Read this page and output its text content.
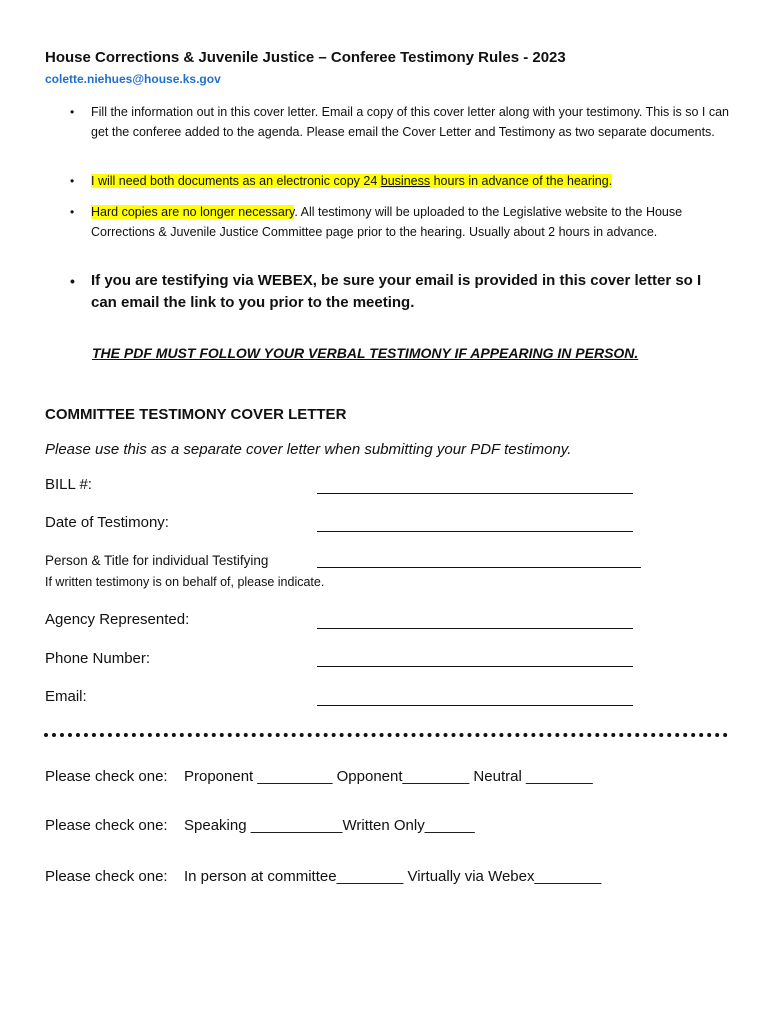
House Corrections & Juvenile Justice – Conferee Testimony Rules - 2023
colette.niehues@house.ks.gov
• Fill the information out in this cover letter. Email a copy of this cover letter along with your testimony. This is so I can get the conferee added to the agenda. Please email the Cover Letter and Testimony as two separate documents.
• I will need both documents as an electronic copy 24 business hours in advance of the hearing.
• Hard copies are no longer necessary. All testimony will be uploaded to the Legislative website to the House Corrections & Juvenile Justice Committee page prior to the hearing. Usually about 2 hours in advance.
• If you are testifying via WEBEX, be sure your email is provided in this cover letter so I can email the link to you prior to the meeting.
THE PDF MUST FOLLOW YOUR VERBAL TESTIMONY IF APPEARING IN PERSON.
COMMITTEE TESTIMONY COVER LETTER
Please use this as a separate cover letter when submitting your PDF testimony.
BILL #:
Date of Testimony:
Person & Title for individual Testifying
If written testimony is on behalf of, please indicate.
Agency Represented:
Phone Number:
Email:
Please check one: Proponent _________ Opponent________ Neutral ________
Please check one: Speaking ___________Written Only______
Please check one: In person at committee________ Virtually via Webex________
